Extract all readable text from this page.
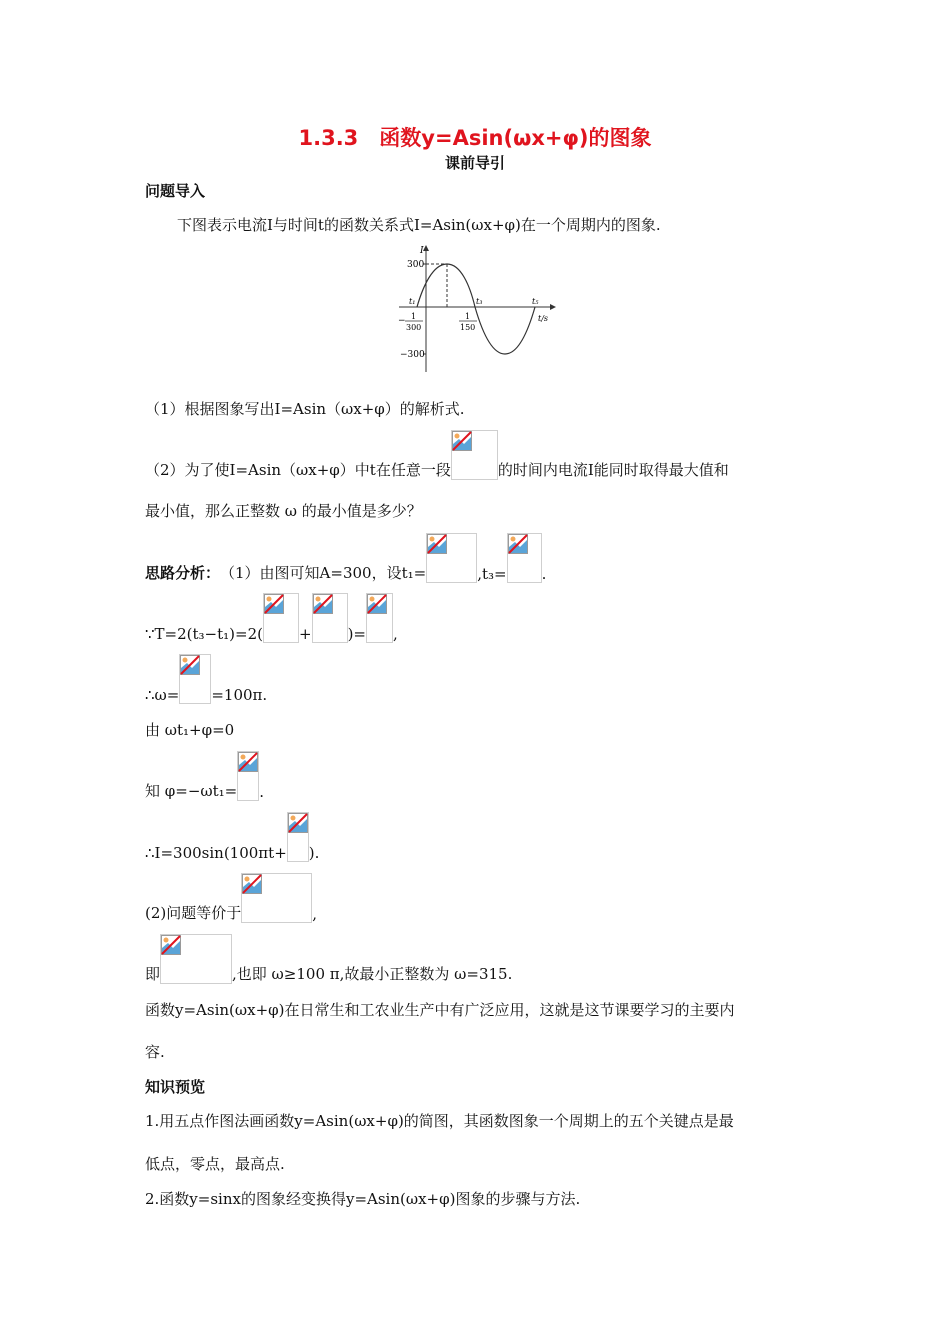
1.3.3　函数y=Asin(ωx+φ)的图象
课前导引
问题导入
下图表示电流I与时间t的函数关系式I=Asin(ωx+φ)在一个周期内的图象.
I
300
−300
t₁	t₃	t₅
t/s
− 1
300
1
150
（1）根据图象写出I=Asin（ωx+φ）的解析式.
（2）为了使I=Asin（ωx+φ）中t在任意一段	的时间内电流I能同时取得最大值和
最小值，那么正整数 ω 的最小值是多少？
思路分析： （1）由图可知A=300，设t₁=	,t₃= .
∵T=2(t₃−t₁)=2( + )= ,
∴ω= =100π.
由 ωt₁+φ=0
知 φ=−ωt₁= .
∴I=300sin(100πt+ ).
(2)问题等价于	,
即	,也即 ω≥100 π,故最小正整数为 ω=315.
函数y=Asin(ωx+φ)在日常生和工农业生产中有广泛应用，这就是这节课要学习的主要内
容.
知识预览
1.用五点作图法画函数y=Asin(ωx+φ)的简图，其函数图象一个周期上的五个关键点是最
低点，零点，最高点.
2.函数y=sinx的图象经变换得y=Asin(ωx+φ)图象的步骤与方法.
